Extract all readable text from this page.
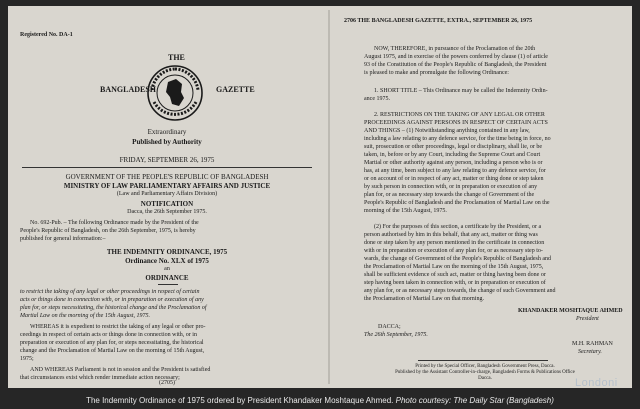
Registered No. DA-1
THE
BANGLADESH	GAZETTE
Extraordinary
Published by Authority
FRIDAY, SEPTEMBER 26, 1975
GOVERNMENT OF THE PEOPLE'S REPUBLIC OF BANGLADESH
MINISTRY OF LAW PARLIAMENTARY AFFAIRS AND JUSTICE
(Law and Parliamentary Affairs Division)
NOTIFICATION
Dacca, the 26th September 1975.
No. 692-Pub. – The following Ordinance made by the President of the
People's Republic of Bangladesh, on the 26th September, 1975, is hereby
published for general information:–
THE INDEMNITY ORDINANCE, 1975
Ordinance No. XLX of 1975
an
ORDINANCE
to restrict the taking of any legal or other proceedings in respect of certain
acts or things done in connection with, or in preparation or execution of any
plan for, or steps necessitating, the historical change and the Proclamation of
Martial Law on the morning of the 15th August, 1975.
WHEREAS it is expedient to restrict the taking of any legal or other pro-
ceedings in respect of certain acts or things done in connection with, or in
preparation or execution of any plan for, or steps necessitating, the historical
change and the Proclamation of Martial Law on the morning of 15th August,
1975;
AND WHEREAS Parliament is not in session and the President is satisfied
that circumstances exist which render immediate action necessary;
(2705)
2706 THE BANGLADESH GAZETTE, EXTRA., SEPTEMBER 26, 1975
NOW, THEREFORE, in pursuance of the Proclamation of the 20th
August 1975, and in exercise of the powers conferred by clause (1) of article
93 of the Constitution of the People's Republic of Bangladesh, the President
is pleased to make and promulgate the following Ordinance:
1. SHORT TITLE – This Ordinance may be called the Indemnity Ordin-
ance 1975.
2. RESTRICTIONS ON THE TAKING OF ANY LEGAL OR OTHER
PROCEEDINGS AGAINST PERSONS IN RESPECT OF CERTAIN ACTS
AND THINGS – (1) Notwithstanding anything contained in any law,
including a law relating to any defence service, for the time being in force, no
suit, prosecution or other proceedings, legal or disciplinary, shall lie, or be
taken, in, before or by any Court, including the Supreme Court and Court
Martial or other authority against any person, including a person who is or
has, at any time, been subject to any law relating to any defence service, for
or on account of or in respect of any act, matter or thing done or step taken
by such person in connection with, or in preparation or execution of any
plan for, or as necessary step towards the change of Government of the
People's Republic of Bangladesh and the Proclamation of Martial Law on the
morning of the 15th August, 1975.
(2) For the purposes of this section, a certificate by the President, or a
person authorised by him in this behalf, that any act, matter or thing was
done or step taken by any person mentioned in the certificate in connection
with or in preparation or execution of any plan for, or as necessary step to-
wards, the change of Government of the People's Republic of Bangladesh and
the Proclamation of Martial Law on the morning of the 15th August, 1975,
shall be sufficient evidence of such act, matter or thing having been done or
step having been taken in connection with, or in preparation or execution of
any plan for, or as necessary steps towards, the change of such Government and
the Proclamation of Martial Law on that morning.
KHANDAKER MOSHTAQUE AHMED
President
DACCA;
The 26th September, 1975.
M.H. RAHMAN
Secretary.
Printed by the Special Officer, Bangladesh Government Press, Dacca.
Published by the Assistant Controller-in-charge, Bangladesh Forms & Publications Office
Dacca.	Londoni
The Indemnity Ordinance of 1975 ordered by President Khandaker Moshtaque Ahmed. Photo courtesy: The Daily Star (Bangladesh)
